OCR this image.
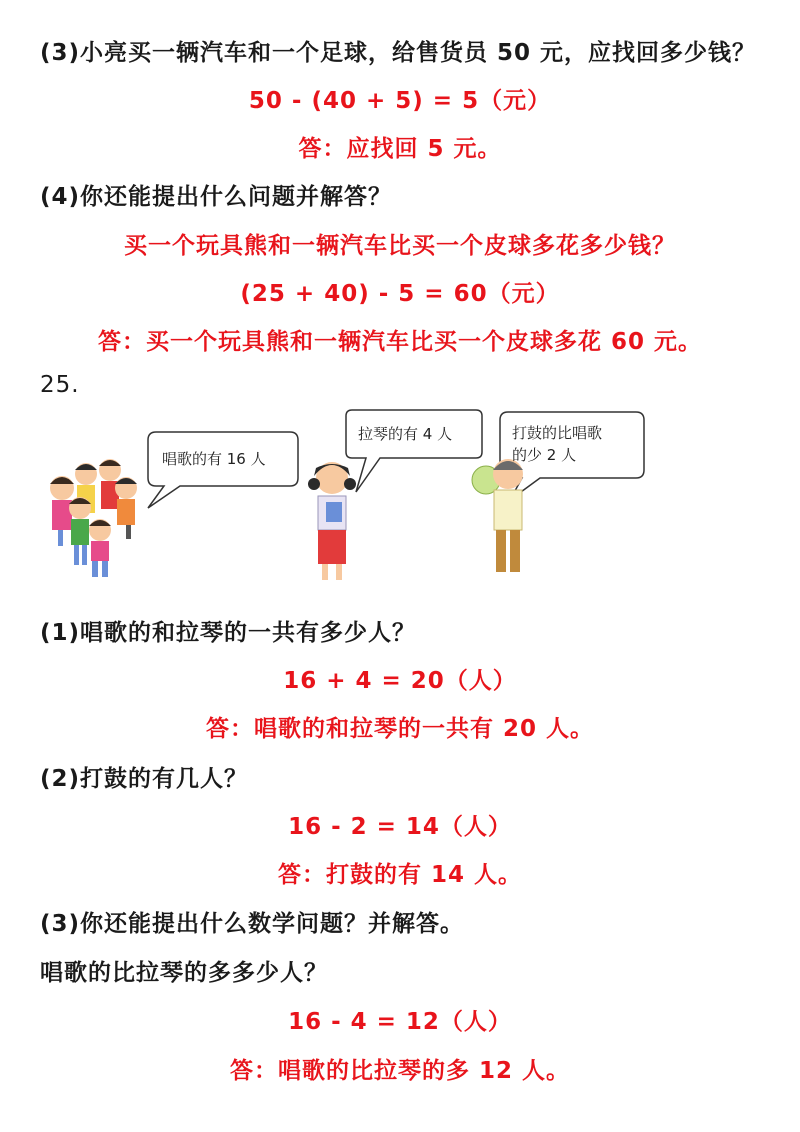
(3)小亮买一辆汽车和一个足球，给售货员 50 元，应找回多少钱？
50 - (40 + 5) = 5（元）
答：应找回 5 元。
(4)你还能提出什么问题并解答？
买一个玩具熊和一辆汽车比买一个皮球多花多少钱？
(25 + 40) - 5 = 60（元）
答：买一个玩具熊和一辆汽车比买一个皮球多花 60 元。
25.
唱歌的有 16 人
拉琴的有 4 人	打鼓的比唱歌
的少 2 人
(1)唱歌的和拉琴的一共有多少人？
16 + 4 = 20（人）
答：唱歌的和拉琴的一共有 20 人。
(2)打鼓的有几人？
16 - 2 = 14（人）
答：打鼓的有 14 人。
(3)你还能提出什么数学问题？并解答。
唱歌的比拉琴的多多少人？
16 - 4 = 12（人）
答：唱歌的比拉琴的多 12 人。
